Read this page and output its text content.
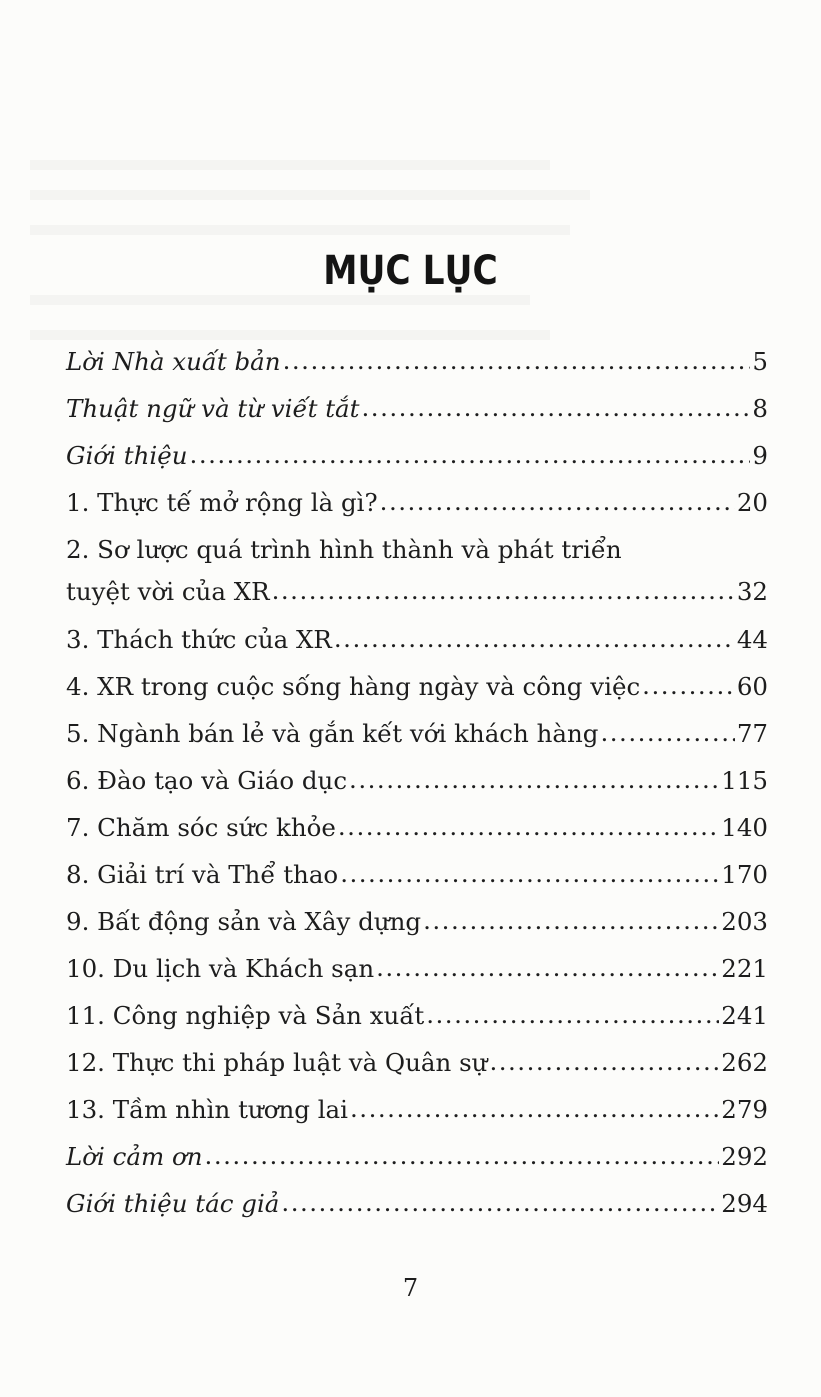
MỤC LỤC
Lời Nhà xuất bản .....	5
Thuật ngữ và từ viết tắt .....	8
Giới thiệu .....	9
1. Thực tế mở rộng là gì? .....	20
2. Sơ lược quá trình hình thành và phát triển
tuyệt vời của XR .....	32
3. Thách thức của XR .....	44
4. XR trong cuộc sống hàng ngày và công việc .....	60
5. Ngành bán lẻ và gắn kết với khách hàng .....	77
6. Đào tạo và Giáo dục .....	115
7. Chăm sóc sức khỏe .....	140
8. Giải trí và Thể thao .....	170
9. Bất động sản và Xây dựng .....	203
10. Du lịch và Khách sạn .....	221
11. Công nghiệp và Sản xuất .....	241
12. Thực thi pháp luật và Quân sự .....	262
13. Tầm nhìn tương lai .....	279
Lời cảm ơn .....	292
Giới thiệu tác giả .....	294
7
